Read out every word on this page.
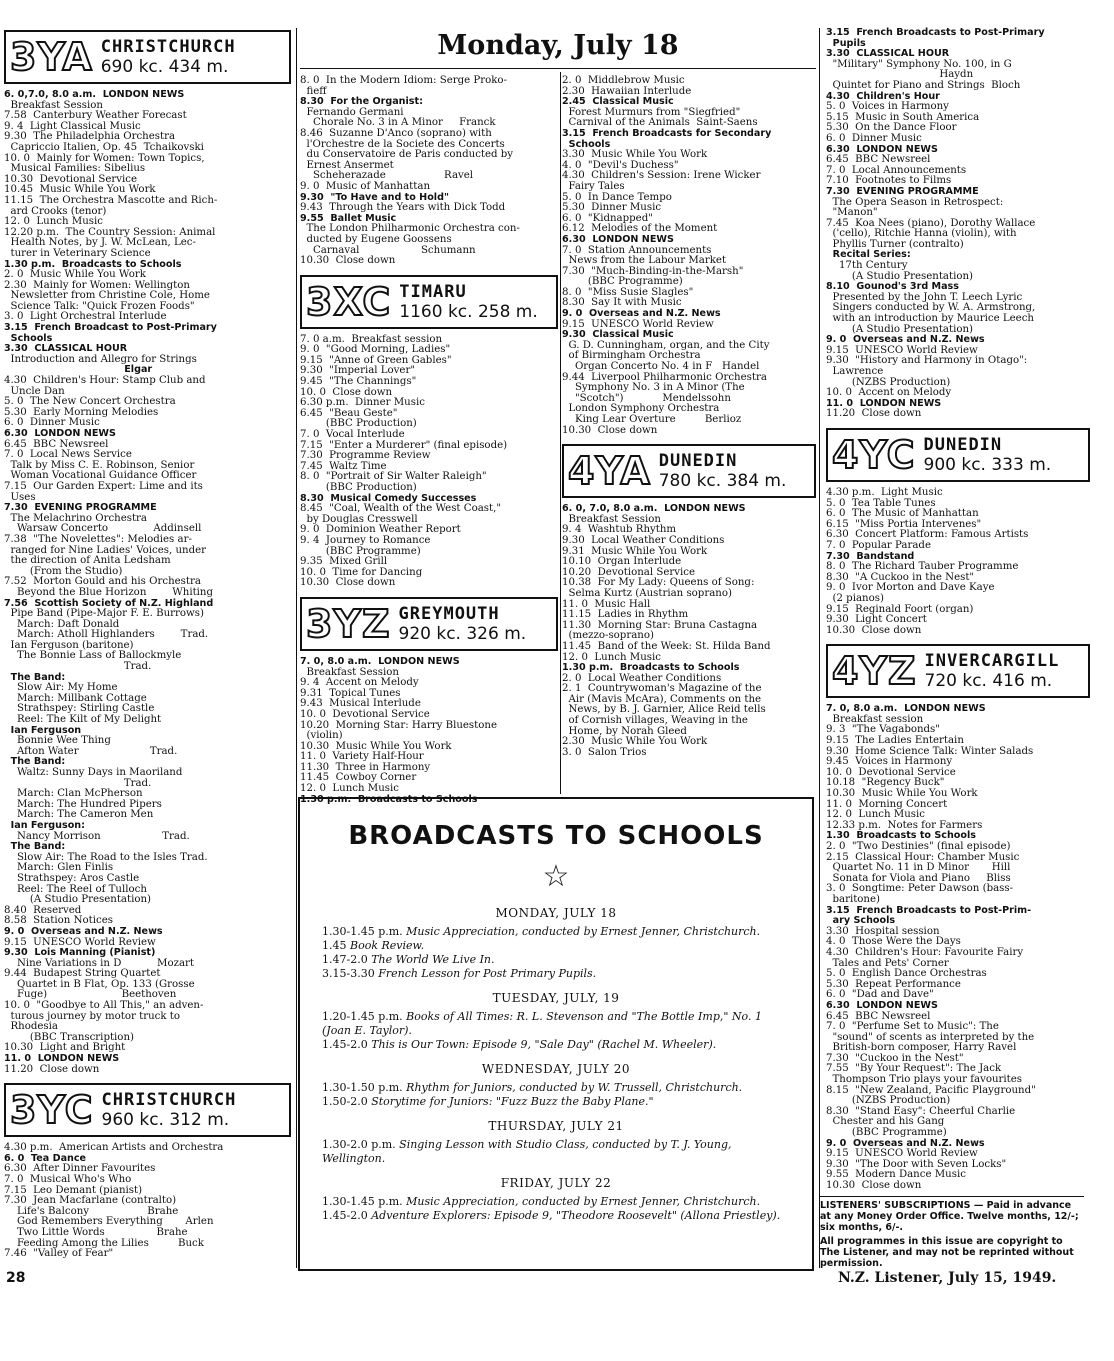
Monday, July 18
3YA CHRISTCHURCH
690 kc. 434 m.
6. 0,7.0, 8.0 a.m.  LONDON NEWS
Breakfast Session
7.58  Canterbury Weather Forecast
9. 4  Light Classical Music
9.30  The Philadelphia Orchestra
Capriccio Italien, Op. 45  Tchaikovski
10. 0  Mainly for Women: Town Topics,
Musical Families: Sibelius
10.30  Devotional Service
10.45  Music While You Work
11.15  The Orchestra Mascotte and Rich-
ard Crooks (tenor)
12. 0  Lunch Music
12.20 p.m.  The Country Session: Animal
Health Notes, by J. W. McLean, Lec-
turer in Veterinary Science
1.30 p.m.  Broadcasts to Schools
2. 0  Music While You Work
2.30  Mainly for Women: Wellington
Newsletter from Christine Cole, Home
Science Talk: "Quick Frozen Foods"
3. 0  Light Orchestral Interlude
3.15  French Broadcast to Post-Primary
Schools
3.30  CLASSICAL HOUR
Introduction and Allegro for Strings
Elgar
4.30  Children's Hour: Stamp Club and
Uncle Dan
5. 0  The New Concert Orchestra
5.30  Early Morning Melodies
6. 0  Dinner Music
6.30  LONDON NEWS
6.45  BBC Newsreel
7. 0  Local News Service
Talk by Miss C. E. Robinson, Senior
Woman Vocational Guidance Officer
7.15  Our Garden Expert: Lime and its
Uses
7.30  EVENING PROGRAMME
The Melachrino Orchestra
Warsaw Concerto              Addinsell
7.38  "The Novelettes": Melodies ar-
ranged for Nine Ladies' Voices, under
the direction of Anita Ledsham
(From the Studio)
7.52  Morton Gould and his Orchestra
Beyond the Blue Horizon        Whiting
7.56  Scottish Society of N.Z. Highland
Pipe Band (Pipe-Major F. E. Burrows)
March: Daft Donald
March: Atholl Highlanders        Trad.
Ian Ferguson (baritone)
The Bonnie Lass of Ballockmyle
Trad.
The Band:
Slow Air: My Home
March: Millbank Cottage
Strathspey: Stirling Castle
Reel: The Kilt of My Delight
Ian Ferguson
Bonnie Wee Thing
Afton Water                      Trad.
The Band:
Waltz: Sunny Days in Maoriland
Trad.
March: Clan McPherson
March: The Hundred Pipers
March: The Cameron Men
Ian Ferguson:
Nancy Morrison                   Trad.
The Band:
Slow Air: The Road to the Isles Trad.
March: Glen Finlis
Strathspey: Aros Castle
Reel: The Reel of Tulloch
(A Studio Presentation)
8.40  Reserved
8.58  Station Notices
9. 0  Overseas and N.Z. News
9.15  UNESCO World Review
9.30  Lois Manning (Pianist)
Nine Variations in D           Mozart
9.44  Budapest String Quartet
Quartet in B Flat, Op. 133 (Grosse
Fuge)                       Beethoven
10. 0  "Goodbye to All This," an adven-
turous journey by motor truck to
Rhodesia
(BBC Transcription)
10.30  Light and Bright
11. 0  LONDON NEWS
11.20  Close down
3YC CHRISTCHURCH
960 kc. 312 m.
4.30 p.m.  American Artists and Orchestra
6. 0  Tea Dance
6.30  After Dinner Favourites
7. 0  Musical Who's Who
7.15  Leo Demant (pianist)
7.30  Jean Macfarlane (contralto)
Life's Balcony                  Brahe
God Remembers Everything       Arlen
Two Little Words                Brahe
Feeding Among the Lilies         Buck
7.46  "Valley of Fear"
8. 0  In the Modern Idiom: Serge Proko-
fieff
8.30  For the Organist:
Fernando Germani
Chorale No. 3 in A Minor     Franck
8.46  Suzanne D'Anco (soprano) with
l'Orchestre de la Societe des Concerts
du Conservatoire de Paris conducted by
Ernest Ansermet
Scheherazade                  Ravel
9. 0  Music of Manhattan
9.30  "To Have and to Hold"
9.43  Through the Years with Dick Todd
9.55  Ballet Music
The London Philharmonic Orchestra con-
ducted by Eugene Goossens
Carnaval                   Schumann
10.30  Close down
3XC TIMARU
1160 kc. 258 m.
7. 0 a.m.  Breakfast session
9. 0  "Good Morning, Ladies"
9.15  "Anne of Green Gables"
9.30  "Imperial Lover"
9.45  "The Channings"
10. 0  Close down
6.30 p.m.  Dinner Music
6.45  "Beau Geste"
(BBC Production)
7. 0  Vocal Interlude
7.15  "Enter a Murderer" (final episode)
7.30  Programme Review
7.45  Waltz Time
8. 0  "Portrait of Sir Walter Raleigh"
(BBC Production)
8.30  Musical Comedy Successes
8.45  "Coal, Wealth of the West Coast,"
by Douglas Cresswell
9. 0  Dominion Weather Report
9. 4  Journey to Romance
(BBC Programme)
9.35  Mixed Grill
10. 0  Time for Dancing
10.30  Close down
3YZ GREYMOUTH
920 kc. 326 m.
7. 0, 8.0 a.m.  LONDON NEWS
Breakfast Session
9. 4  Accent on Melody
9.31  Topical Tunes
9.43  Musical Interlude
10. 0  Devotional Service
10.20  Morning Star: Harry Bluestone
(violin)
10.30  Music While You Work
11. 0  Variety Half-Hour
11.30  Three in Harmony
11.45  Cowboy Corner
12. 0  Lunch Music
1.30 p.m.  Broadcasts to Schools
2. 0  Middlebrow Music
2.30  Hawaiian Interlude
2.45  Classical Music
Forest Murmurs from "Siegfried"
Carnival of the Animals  Saint-Saens
3.15  French Broadcasts for Secondary
Schools
3.30  Music While You Work
4. 0  "Devil's Duchess"
4.30  Children's Session: Irene Wicker
Fairy Tales
5. 0  In Dance Tempo
5.30  Dinner Music
6. 0  "Kidnapped"
6.12  Melodies of the Moment
6.30  LONDON NEWS
7. 0  Station Announcements
News from the Labour Market
7.30  "Much-Binding-in-the-Marsh"
(BBC Programme)
8. 0  "Miss Susie Slagles"
8.30  Say It with Music
9. 0  Overseas and N.Z. News
9.15  UNESCO World Review
9.30  Classical Music
G. D. Cunningham, organ, and the City
of Birmingham Orchestra
Organ Concerto No. 4 in F   Handel
9.44  Liverpool Philharmonic Orchestra
Symphony No. 3 in A Minor (The
"Scotch")            Mendelssohn
London Symphony Orchestra
King Lear Overture         Berlioz
10.30  Close down
4YA DUNEDIN
780 kc. 384 m.
6. 0, 7.0, 8.0 a.m.  LONDON NEWS
Breakfast Session
9. 4  Washtub Rhythm
9.30  Local Weather Conditions
9.31  Music While You Work
10.10  Organ Interlude
10.20  Devotional Service
10.38  For My Lady: Queens of Song:
Selma Kurtz (Austrian soprano)
11. 0  Music Hall
11.15  Ladies in Rhythm
11.30  Morning Star: Bruna Castagna
(mezzo-soprano)
11.45  Band of the Week: St. Hilda Band
12. 0  Lunch Music
1.30 p.m.  Broadcasts to Schools
2. 0  Local Weather Conditions
2. 1  Countrywoman's Magazine of the
Air (Mavis McAra), Comments on the
News, by B. J. Garnier, Alice Reid tells
of Cornish villages, Weaving in the
Home, by Norah Gleed
2.30  Music While You Work
3. 0  Salon Trios
3.15  French Broadcasts to Post-Primary
Pupils
3.30  CLASSICAL HOUR
"Military" Symphony No. 100, in G
Haydn
Quintet for Piano and Strings  Bloch
4.30  Children's Hour
5. 0  Voices in Harmony
5.15  Music in South America
5.30  On the Dance Floor
6. 0  Dinner Music
6.30  LONDON NEWS
6.45  BBC Newsreel
7. 0  Local Announcements
7.10  Footnotes to Films
7.30  EVENING PROGRAMME
The Opera Season in Retrospect:
"Manon"
7.45  Koa Nees (piano), Dorothy Wallace
('cello), Ritchie Hanna (violin), with
Phyllis Turner (contralto)
Recital Series:
17th Century
(A Studio Presentation)
8.10  Gounod's 3rd Mass
Presented by the John T. Leech Lyric
Singers conducted by W. A. Armstrong,
with an introduction by Maurice Leech
(A Studio Presentation)
9. 0  Overseas and N.Z. News
9.15  UNESCO World Review
9.30  "History and Harmony in Otago":
Lawrence
(NZBS Production)
10. 0  Accent on Melody
11. 0  LONDON NEWS
11.20  Close down
4YC DUNEDIN
900 kc. 333 m.
4.30 p.m.  Light Music
5. 0  Tea Table Tunes
6. 0  The Music of Manhattan
6.15  "Miss Portia Intervenes"
6.30  Concert Platform: Famous Artists
7. 0  Popular Parade
7.30  Bandstand
8. 0  The Richard Tauber Programme
8.30  "A Cuckoo in the Nest"
9. 0  Ivor Morton and Dave Kaye
(2 pianos)
9.15  Reginald Foort (organ)
9.30  Light Concert
10.30  Close down
4YZ INVERCARGILL
720 kc. 416 m.
7. 0, 8.0 a.m.  LONDON NEWS
Breakfast session
9. 3  "The Vagabonds"
9.15  The Ladies Entertain
9.30  Home Science Talk: Winter Salads
9.45  Voices in Harmony
10. 0  Devotional Service
10.18  "Regency Buck"
10.30  Music While You Work
11. 0  Morning Concert
12. 0  Lunch Music
12.33 p.m.  Notes for Farmers
1.30  Broadcasts to Schools
2. 0  "Two Destinies" (final episode)
2.15  Classical Hour: Chamber Music
Quartet No. 11 in D Minor       Hill
Sonata for Viola and Piano     Bliss
3. 0  Songtime: Peter Dawson (bass-
baritone)
3.15  French Broadcasts to Post-Prim-
ary Schools
3.30  Hospital session
4. 0  Those Were the Days
4.30  Children's Hour: Favourite Fairy
Tales and Pets' Corner
5. 0  English Dance Orchestras
5.30  Repeat Performance
6. 0  "Dad and Dave"
6.30  LONDON NEWS
6.45  BBC Newsreel
7. 0  "Perfume Set to Music": The
"sound" of scents as interpreted by the
British-born composer, Harry Ravel
7.30  "Cuckoo in the Nest"
7.55  "By Your Request": The Jack
Thompson Trio plays your favourites
8.15  "New Zealand, Pacific Playground"
(NZBS Production)
8.30  "Stand Easy": Cheerful Charlie
Chester and his Gang
(BBC Programme)
9. 0  Overseas and N.Z. News
9.15  UNESCO World Review
9.30  "The Door with Seven Locks"
9.55  Modern Dance Music
10.30  Close down

LISTENERS' SUBSCRIPTIONS — Paid in advance at any Money Order Office. Twelve months, 12/-; six months, 6/-.

All programmes in this issue are copyright to The Listener, and may not be reprinted without permission.

BROADCASTS TO SCHOOLS
☆
MONDAY, JULY 18
1.30-1.45 p.m. Music Appreciation, conducted by Ernest Jenner, Christchurch.
1.45 Book Review.
1.47-2.0 The World We Live In.
3.15-3.30 French Lesson for Post Primary Pupils.
TUESDAY, JULY, 19
1.20-1.45 p.m. Books of All Times: R. L. Stevenson and "The Bottle Imp," No. 1 (Joan E. Taylor).
1.45-2.0 This is Our Town: Episode 9, "Sale Day" (Rachel M. Wheeler).
WEDNESDAY, JULY 20
1.30-1.50 p.m. Rhythm for Juniors, conducted by W. Trussell, Christchurch.
1.50-2.0 Storytime for Juniors: "Fuzz Buzz the Baby Plane."
THURSDAY, JULY 21
1.30-2.0 p.m. Singing Lesson with Studio Class, conducted by T. J. Young, Wellington.
FRIDAY, JULY 22
1.30-1.45 p.m. Music Appreciation, conducted by Ernest Jenner, Christchurch.
1.45-2.0 Adventure Explorers: Episode 9, "Theodore Roosevelt" (Allona Priestley).
28	N.Z. Listener, July 15, 1949.
